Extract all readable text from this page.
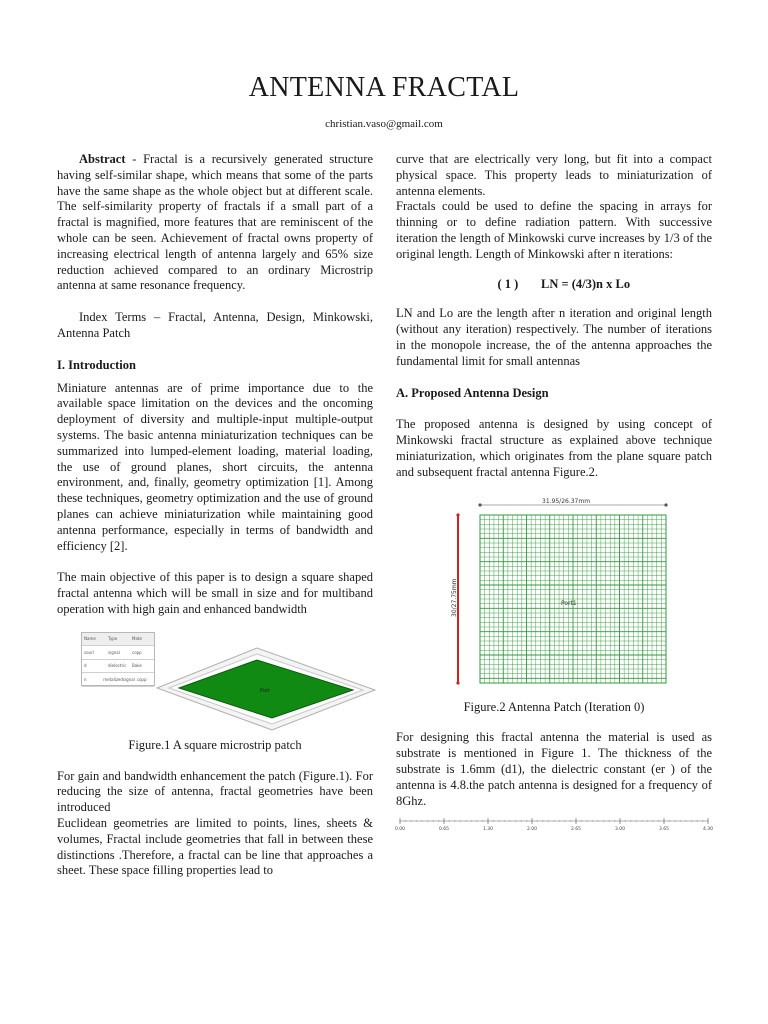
ANTENNA FRACTAL
christian.vaso@gmail.com

Abstract - Fractal is a recursively generated structure having self-similar shape, which means that some of the parts have the same shape as the whole object but at different scale. The self-similarity property of fractals if a small part of a fractal is magnified, more features that are reminiscent of the whole can be seen. Achievement of fractal owns property of increasing electrical length of antenna largely and 65% size reduction achieved compared to an ordinary Microstrip antenna at same resonance frequency.

Index Terms – Fractal, Antenna, Design, Minkowski, Antenna Patch

I. Introduction

Miniature antennas are of prime importance due to the available space limitation on the devices and the oncoming deployment of diversity and multiple-input multiple-output systems. The basic antenna miniaturization techniques can be summarized into lumped-element loading, material loading, the use of ground planes, short circuits, the antenna environment, and, finally, geometry optimization [1]. Among these techniques, geometry optimization and the use of ground planes can achieve miniaturization while maintaining good antenna performance, especially in terms of bandwidth and efficiency [2].

The main objective of this paper is to design a square shaped fractal antenna which will be small in size and for multiband operation with high gain and enhanced bandwidth

Name	Type	Mate
sourl	signal	copp
d	dielectric	Bake
n	metalizedsignal copp
Port

Figure.1 A square microstrip patch

For gain and bandwidth enhancement the patch (Figure.1). For reducing the size of antenna, fractal geometries have been introduced

Euclidean geometries are limited to points, lines, sheets & volumes, Fractal include geometries that fall in between these distinctions .Therefore, a fractal can be line that approaches a sheet. These space filling properties lead to

curve that are electrically very long, but fit into a compact physical space. This property leads to miniaturization of antenna elements.

Fractals could be used to define the spacing in arrays for thinning or to define radiation pattern. With successive iteration the length of Minkowski curve increases by 1/3 of the original length. Length of Minkowski after n iterations:

( 1 ) LN = (4/3)n x Lo

LN and Lo are the length after n iteration and original length (without any iteration) respectively. The number of iterations in the monopole increase, the of the antenna approaches the fundamental limit for small antennas

A. Proposed Antenna Design

The proposed antenna is designed by using concept of Minkowski fractal structure as explained above technique miniaturization, which originates from the plane square patch and subsequent fractal antenna Figure.2.

31.95/26.37mm
30/27.75mm	Port1

Figure.2 Antenna Patch (Iteration 0)

For designing this fractal antenna the material is used as substrate is mentioned in Figure 1. The thickness of the substrate is 1.6mm (d1), the dielectric constant (er ) of the antenna is 4.8.the patch antenna is designed for a frequency of 8Ghz.

0.00	0.65	1.30	2.00	2.65	3.00	3.65	4.30
